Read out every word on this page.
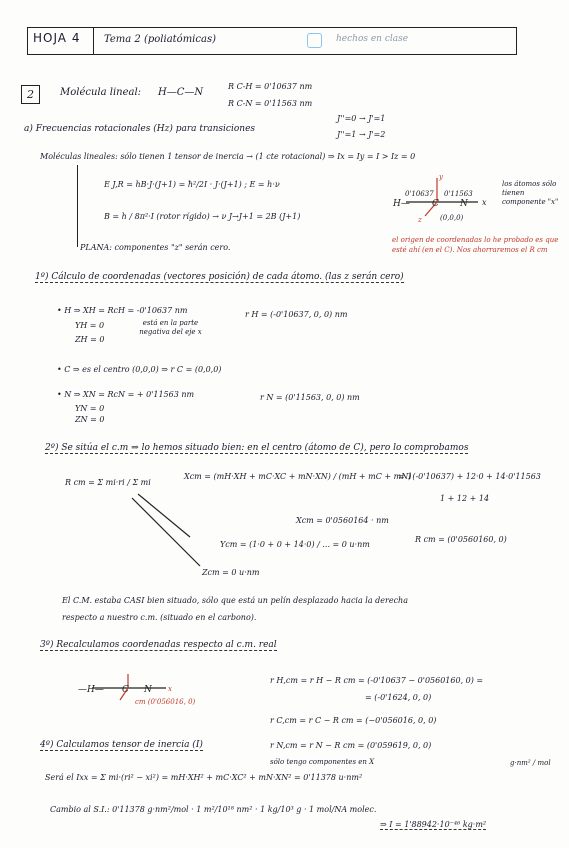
HOJA 4 Tema 2 (poliatómicas)	hechos en clase
2	Molécula lineal: H—C—N
R C-H = 0'10637 nm
R C-N = 0'11563 nm
a) Frecuencias rotacionales (Hz) para transiciones
J''=0 → J'=1
J''=1 → J'=2
Moléculas lineales: sólo tienen 1 tensor de inercia → (1 cte rotacional) ⇒ Ix = Iy = I > Iz = 0
E J,R = hB·J·(J+1) = ħ²/2I · J·(J+1) ; E = h·ν
B = h / 8π²·I (rotor rígido) → ν J→J+1 = 2B (J+1)
PLANA: componentes "z" serán cero.
H— C N x
y
z
0'10637 0'11563
(0,0,0)
los átomos sólo tienen componente "x"
el origen de coordenadas lo he probado es que esté ahí (en el C). Nos ahorraremos el R cm
1º) Cálculo de coordenadas (vectores posición) de cada átomo. (las z serán cero)
• H ⇒ XH = RcH = -0'10637 nm
YH = 0
ZH = 0
está en la parte negativa del eje x
r H = (-0'10637, 0, 0) nm
• C ⇒ es el centro (0,0,0) ⇒ r C = (0,0,0)
• N ⇒ XN = RcN = + 0'11563 nm
YN = 0
ZN = 0
r N = (0'11563, 0, 0) nm
2º) Se sitúa el c.m ⇒ lo hemos situado bien: en el centro (átomo de C), pero lo comprobamos
R cm = Σ mi·ri / Σ mi
Xcm = (mH·XH + mC·XC + mN·XN) / (mH + mC + mN)
= 1(-0'10637) + 12·0 + 14·0'11563
1 + 12 + 14
Xcm = 0'0560164 · nm
Ycm = (1·0 + 0 + 14·0) / ... = 0 u·nm
R cm = (0'0560160, 0)
Zcm = 0 u·nm
El C.M. estaba CASI bien situado, sólo que está un pelín desplazado hacia la derecha
respecto a nuestro c.m. (situado en el carbono).
3º) Recalculamos coordenadas respecto al c.m. real
—H— C N x
cm (0'056016, 0)
r H,cm = r H − R cm = (-0'10637 − 0'0560160, 0) =
= (-0'1624, 0, 0)
r C,cm = r C − R cm = (−0'056016, 0, 0)
r N,cm = r N − R cm = (0'059619, 0, 0)
4º) Calculamos tensor de inercia (I)
sólo tengo componentes en X
Será el Ixx = Σ mi·(ri² − xi²) = mH·XH² + mC·XC² + mN·XN² = 0'11378 u·nm²
g·nm² / mol
Cambio al S.I.: 0'11378 g·nm²/mol · 1 m²/10¹⁸ nm² · 1 kg/10³ g · 1 mol/NA molec.
⇒ I = 1'88942·10⁻⁴⁶ kg·m²
